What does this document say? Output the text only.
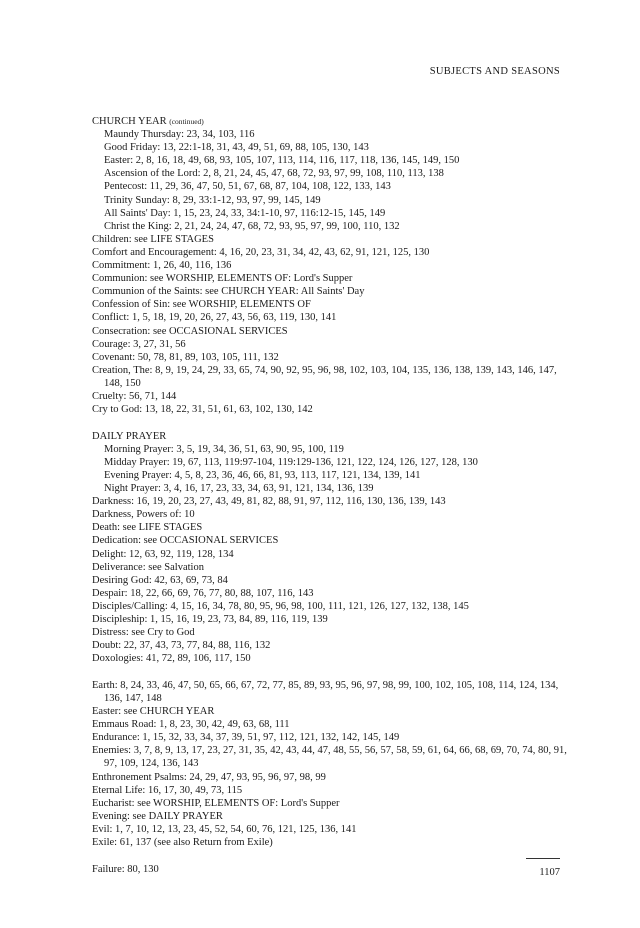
SUBJECTS AND SEASONS
CHURCH YEAR (continued)
Maundy Thursday: 23, 34, 103, 116
Good Friday: 13, 22:1-18, 31, 43, 49, 51, 69, 88, 105, 130, 143
Easter: 2, 8, 16, 18, 49, 68, 93, 105, 107, 113, 114, 116, 117, 118, 136, 145, 149, 150
Ascension of the Lord: 2, 8, 21, 24, 45, 47, 68, 72, 93, 97, 99, 108, 110, 113, 138
Pentecost: 11, 29, 36, 47, 50, 51, 67, 68, 87, 104, 108, 122, 133, 143
Trinity Sunday: 8, 29, 33:1-12, 93, 97, 99, 145, 149
All Saints' Day: 1, 15, 23, 24, 33, 34:1-10, 97, 116:12-15, 145, 149
Christ the King: 2, 21, 24, 24, 47, 68, 72, 93, 95, 97, 99, 100, 110, 132
Children: see LIFE STAGES
Comfort and Encouragement: 4, 16, 20, 23, 31, 34, 42, 43, 62, 91, 121, 125, 130
Commitment: 1, 26, 40, 116, 136
Communion: see WORSHIP, ELEMENTS OF: Lord's Supper
Communion of the Saints: see CHURCH YEAR: All Saints' Day
Confession of Sin: see WORSHIP, ELEMENTS OF
Conflict: 1, 5, 18, 19, 20, 26, 27, 43, 56, 63, 119, 130, 141
Consecration: see OCCASIONAL SERVICES
Courage: 3, 27, 31, 56
Covenant: 50, 78, 81, 89, 103, 105, 111, 132
Creation, The: 8, 9, 19, 24, 29, 33, 65, 74, 90, 92, 95, 96, 98, 102, 103, 104, 135, 136, 138, 139, 143, 146, 147, 148, 150
Cruelty: 56, 71, 144
Cry to God: 13, 18, 22, 31, 51, 61, 63, 102, 130, 142
DAILY PRAYER
Morning Prayer: 3, 5, 19, 34, 36, 51, 63, 90, 95, 100, 119
Midday Prayer: 19, 67, 113, 119:97-104, 119:129-136, 121, 122, 124, 126, 127, 128, 130
Evening Prayer: 4, 5, 8, 23, 36, 46, 66, 81, 93, 113, 117, 121, 134, 139, 141
Night Prayer: 3, 4, 16, 17, 23, 33, 34, 63, 91, 121, 134, 136, 139
Darkness: 16, 19, 20, 23, 27, 43, 49, 81, 82, 88, 91, 97, 112, 116, 130, 136, 139, 143
Darkness, Powers of: 10
Death: see LIFE STAGES
Dedication: see OCCASIONAL SERVICES
Delight: 12, 63, 92, 119, 128, 134
Deliverance: see Salvation
Desiring God: 42, 63, 69, 73, 84
Despair: 18, 22, 66, 69, 76, 77, 80, 88, 107, 116, 143
Disciples/Calling: 4, 15, 16, 34, 78, 80, 95, 96, 98, 100, 111, 121, 126, 127, 132, 138, 145
Discipleship: 1, 15, 16, 19, 23, 73, 84, 89, 116, 119, 139
Distress: see Cry to God
Doubt: 22, 37, 43, 73, 77, 84, 88, 116, 132
Doxologies: 41, 72, 89, 106, 117, 150
Earth: 8, 24, 33, 46, 47, 50, 65, 66, 67, 72, 77, 85, 89, 93, 95, 96, 97, 98, 99, 100, 102, 105, 108, 114, 124, 134, 136, 147, 148
Easter: see CHURCH YEAR
Emmaus Road: 1, 8, 23, 30, 42, 49, 63, 68, 111
Endurance: 1, 15, 32, 33, 34, 37, 39, 51, 97, 112, 121, 132, 142, 145, 149
Enemies: 3, 7, 8, 9, 13, 17, 23, 27, 31, 35, 42, 43, 44, 47, 48, 55, 56, 57, 58, 59, 61, 64, 66, 68, 69, 70, 74, 80, 91, 97, 109, 124, 136, 143
Enthronement Psalms: 24, 29, 47, 93, 95, 96, 97, 98, 99
Eternal Life: 16, 17, 30, 49, 73, 115
Eucharist: see WORSHIP, ELEMENTS OF: Lord's Supper
Evening: see DAILY PRAYER
Evil: 1, 7, 10, 12, 13, 23, 45, 52, 54, 60, 76, 121, 125, 136, 141
Exile: 61, 137 (see also Return from Exile)
Failure: 80, 130	1107
